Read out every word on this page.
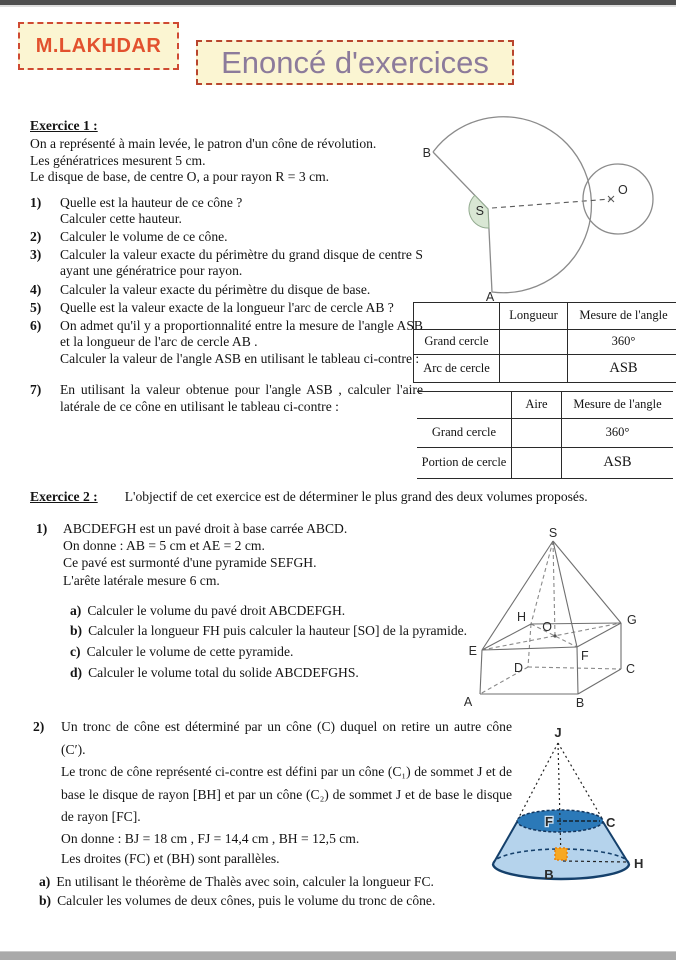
M.LAKHDAR Enoncé d'exercices
Exercice 1 :

On a représenté à main levée, le patron d'un cône de révolution.

Les génératrices mesurent 5 cm.

Le disque de base, de centre O, a pour rayon R = 3 cm.

1)	Quelle est la hauteur de ce cône ?

Calculer cette hauteur.

2)	Calculer le volume de ce cône.
3)	Calculer la valeur exacte du périmètre du grand disque de centre S ayant une génératrice pour rayon.
4)	Calculer la valeur exacte du périmètre du disque de base.
5)	Quelle est la valeur exacte de la longueur l'arc de cercle AB ?
6)	On admet qu'il y a proportionnalité entre la mesure de l'angle ASB et la longueur de l'arc de cercle AB .

Calculer la valeur de l'angle ASB en utilisant le tableau ci-contre :

7)	En utilisant la valeur obtenue pour l'angle ASB , calculer l'aire latérale de ce cône en utilisant le tableau ci-contre :
B
S
A
O
	Longueur	Mesure de l'angle
Grand cercle		360°
Arc de cercle		ASB
	Aire	Mesure de l'angle
Grand cercle		360°
Portion de cercle		ASB
Exercice 2 : L'objectif de cet exercice est de déterminer le plus grand des deux volumes proposés.
1)	ABCDEFGH est un pavé droit à base carrée ABCD.

On donne : AB = 5 cm et AE = 2 cm.

Ce pavé est surmonté d'une pyramide SEFGH.

L'arête latérale mesure 6 cm.

a) Calculer le volume du pavé droit ABCDEFGH.
b) Calculer la longueur FH puis calculer la hauteur [SO] de la pyramide.
c) Calculer le volume de cette pyramide.
d) Calculer le volume total du solide ABCDEFGHS.
S
H	G
O
E	F
D	C
A	B
2)	Un tronc de cône est déterminé par un cône (C) duquel on retire un autre cône (C′).

Le tronc de cône représenté ci-contre est défini par un cône (C₁) de sommet J et de base le disque de rayon [BH] et par un cône (C₂) de sommet J et de base le disque de rayon [FC].

On donne : BJ = 18 cm , FJ = 14,4 cm , BH = 12,5 cm.

Les droites (FC) et (BH) sont parallèles.

a) En utilisant le théorème de Thalès avec soin, calculer la longueur FC.
b) Calculer les volumes de deux cônes, puis le volume du tronc de cône.
J
F	C
B
H
